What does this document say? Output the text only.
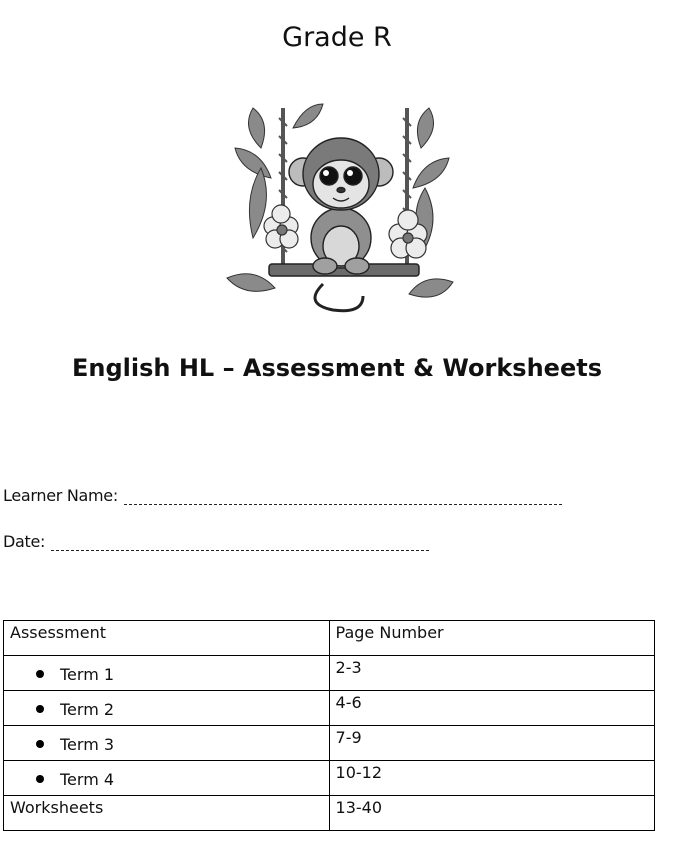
Grade R
English HL – Assessment & Worksheets
Learner Name:
Date:
Assessment	Page Number

Term 1	2-3

Term 2	4-6

Term 3	7-9

Term 4	10-12
Worksheets	13-40
